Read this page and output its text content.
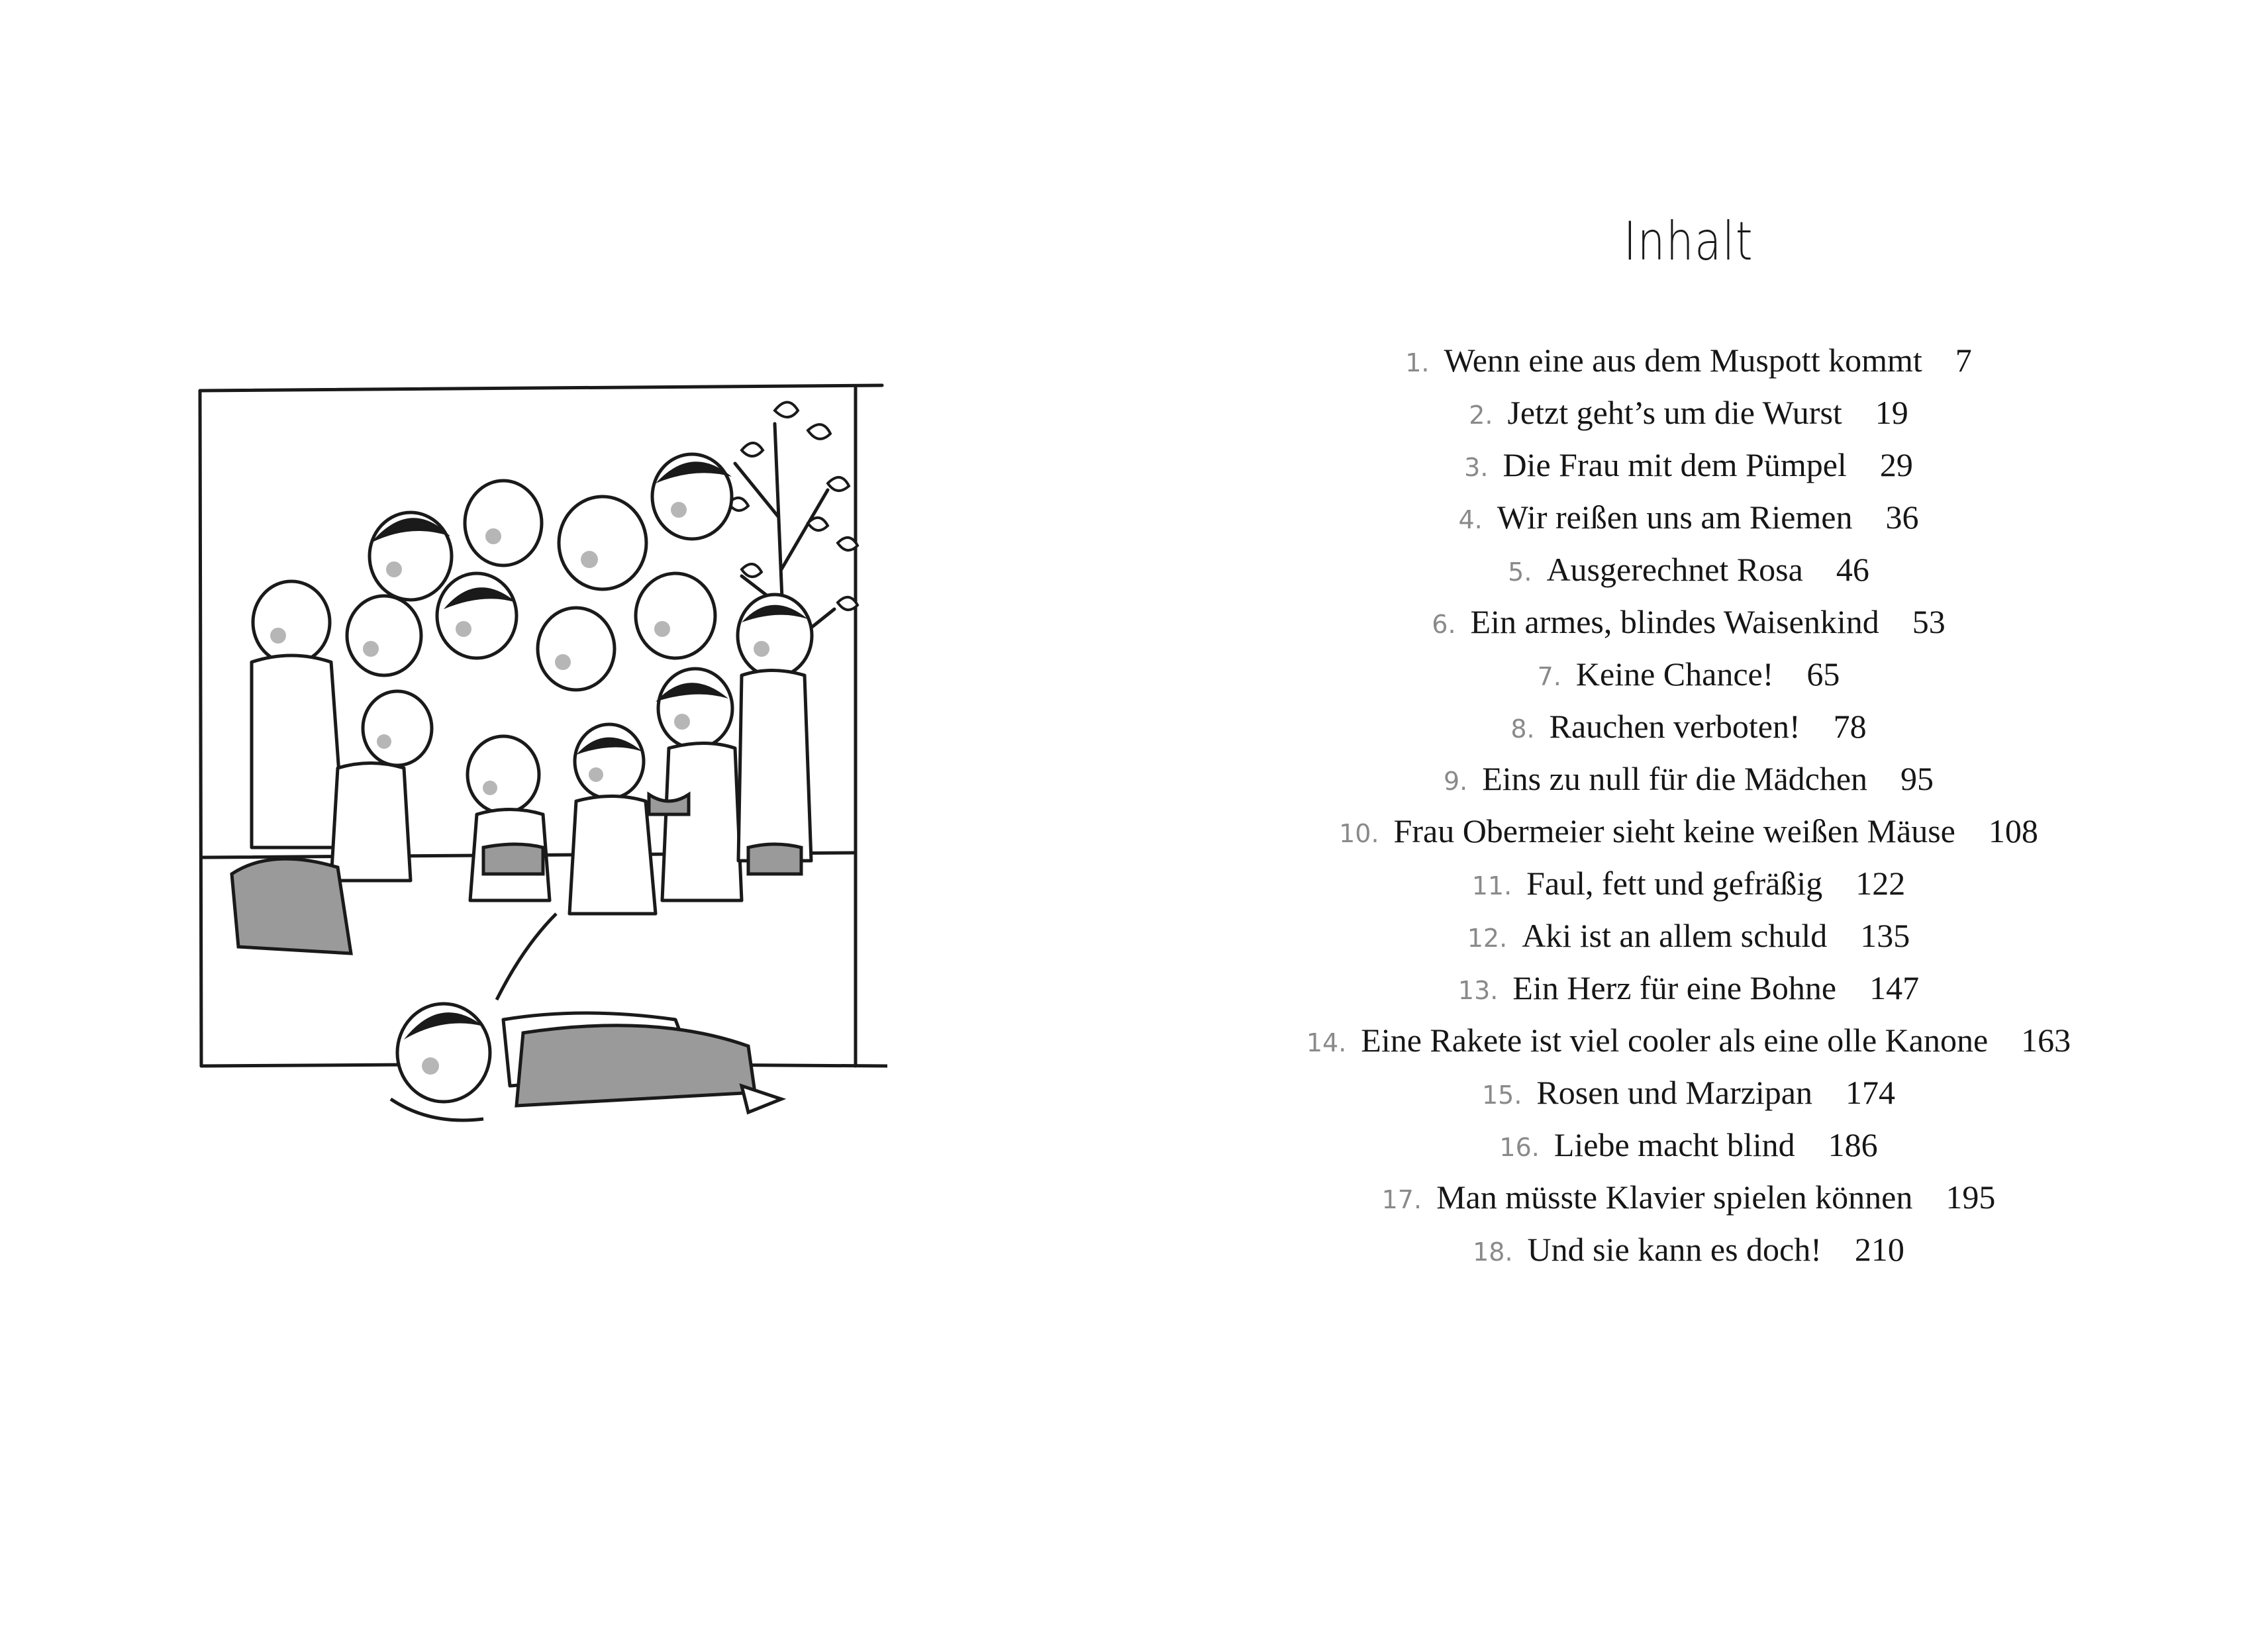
Inhalt
1. Wenn eine aus dem Muspott kommt 7
2. Jetzt geht’s um die Wurst 19
3. Die Frau mit dem Pümpel 29
4. Wir reißen uns am Riemen 36
5. Ausgerechnet Rosa 46
6. Ein armes, blindes Waisenkind 53
7. Keine Chance! 65
8. Rauchen verboten! 78
9. Eins zu null für die Mädchen 95
10. Frau Obermeier sieht keine weißen Mäuse 108
11. Faul, fett und gefräßig 122
12. Aki ist an allem schuld 135
13. Ein Herz für eine Bohne 147
14. Eine Rakete ist viel cooler als eine olle Kanone 163
15. Rosen und Marzipan 174
16. Liebe macht blind 186
17. Man müsste Klavier spielen können 195
18. Und sie kann es doch! 210
